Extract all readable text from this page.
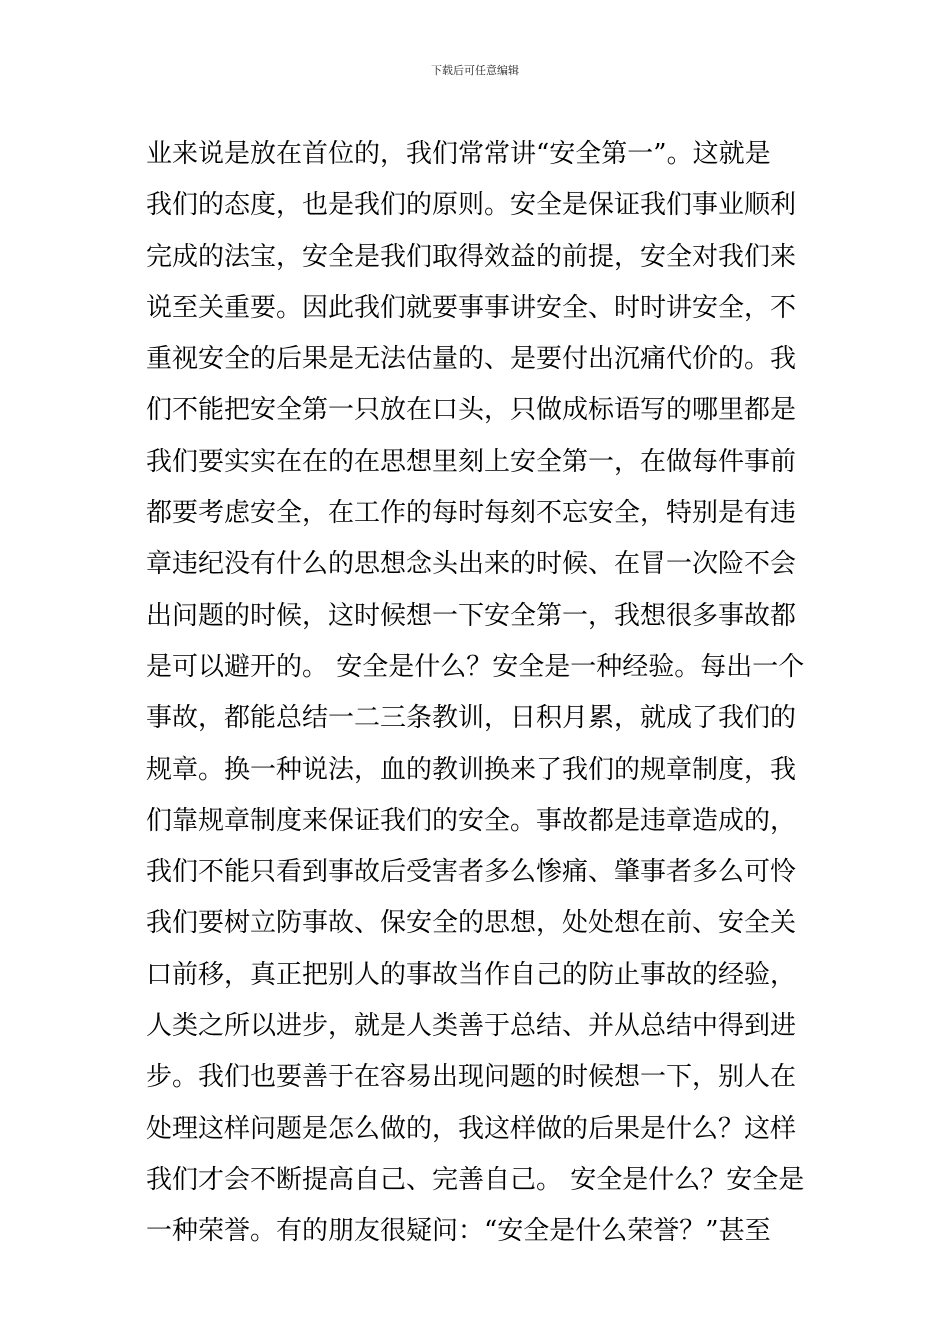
下载后可任意编辑
业来说是放在首位的，我们常常讲“安全第一”。这就是
我们的态度，也是我们的原则。安全是保证我们事业顺利
完成的法宝，安全是我们取得效益的前提，安全对我们来
说至关重要。因此我们就要事事讲安全、时时讲安全，不
重视安全的后果是无法估量的、是要付出沉痛代价的。我
们不能把安全第一只放在口头，只做成标语写的哪里都是
我们要实实在在的在思想里刻上安全第一，在做每件事前
都要考虑安全，在工作的每时每刻不忘安全，特别是有违
章违纪没有什么的思想念头出来的时候、在冒一次险不会
出问题的时候，这时候想一下安全第一，我想很多事故都
是可以避开的。 安全是什么？安全是一种经验。每出一个
事故，都能总结一二三条教训，日积月累，就成了我们的
规章。换一种说法，血的教训换来了我们的规章制度，我
们靠规章制度来保证我们的安全。事故都是违章造成的，
我们不能只看到事故后受害者多么惨痛、肇事者多么可怜
我们要树立防事故、保安全的思想，处处想在前、安全关
口前移，真正把别人的事故当作自己的防止事故的经验，
人类之所以进步，就是人类善于总结、并从总结中得到进
步。我们也要善于在容易出现问题的时候想一下，别人在
处理这样问题是怎么做的，我这样做的后果是什么？这样
我们才会不断提高自己、完善自己。 安全是什么？安全是
一种荣誉。有的朋友很疑问：“安全是什么荣誉？”甚至
